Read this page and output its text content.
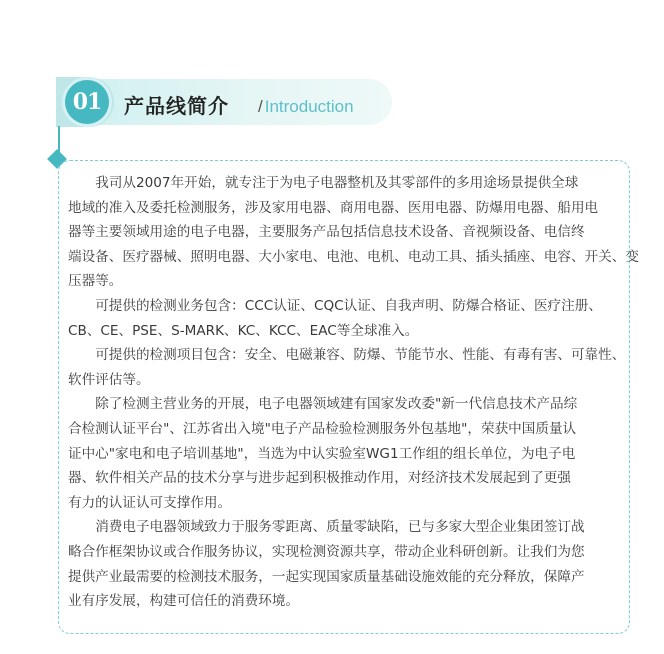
01 产品线简介 / Introduction
我司从2007年开始，就专注于为电子电器整机及其零部件的多用途场景提供全球
地域的准入及委托检测服务，涉及家用电器、商用电器、医用电器、防爆用电器、船用电
器等主要领域用途的电子电器，主要服务产品包括信息技术设备、音视频设备、电信终
端设备、医疗器械、照明电器、大小家电、电池、电机、电动工具、插头插座、电容、开关、变
压器等。
可提供的检测业务包含：CCC认证、CQC认证、自我声明、防爆合格证、医疗注册、
CB、CE、PSE、S-MARK、KC、KCC、EAC等全球准入。
可提供的检测项目包含：安全、电磁兼容、防爆、节能节水、性能、有毒有害、可靠性、
软件评估等。
除了检测主营业务的开展，电子电器领域建有国家发改委"新一代信息技术产品综
合检测认证平台"、江苏省出入境"电子产品检验检测服务外包基地"，荣获中国质量认
证中心"家电和电子培训基地"，当选为中认实验室WG1工作组的组长单位，为电子电
器、软件相关产品的技术分享与进步起到积极推动作用，对经济技术发展起到了更强
有力的认证认可支撑作用。
消费电子电器领域致力于服务零距离、质量零缺陷，已与多家大型企业集团签订战
略合作框架协议或合作服务协议，实现检测资源共享，带动企业科研创新。让我们为您
提供产业最需要的检测技术服务，一起实现国家质量基础设施效能的充分释放，保障产
业有序发展，构建可信任的消费环境。
